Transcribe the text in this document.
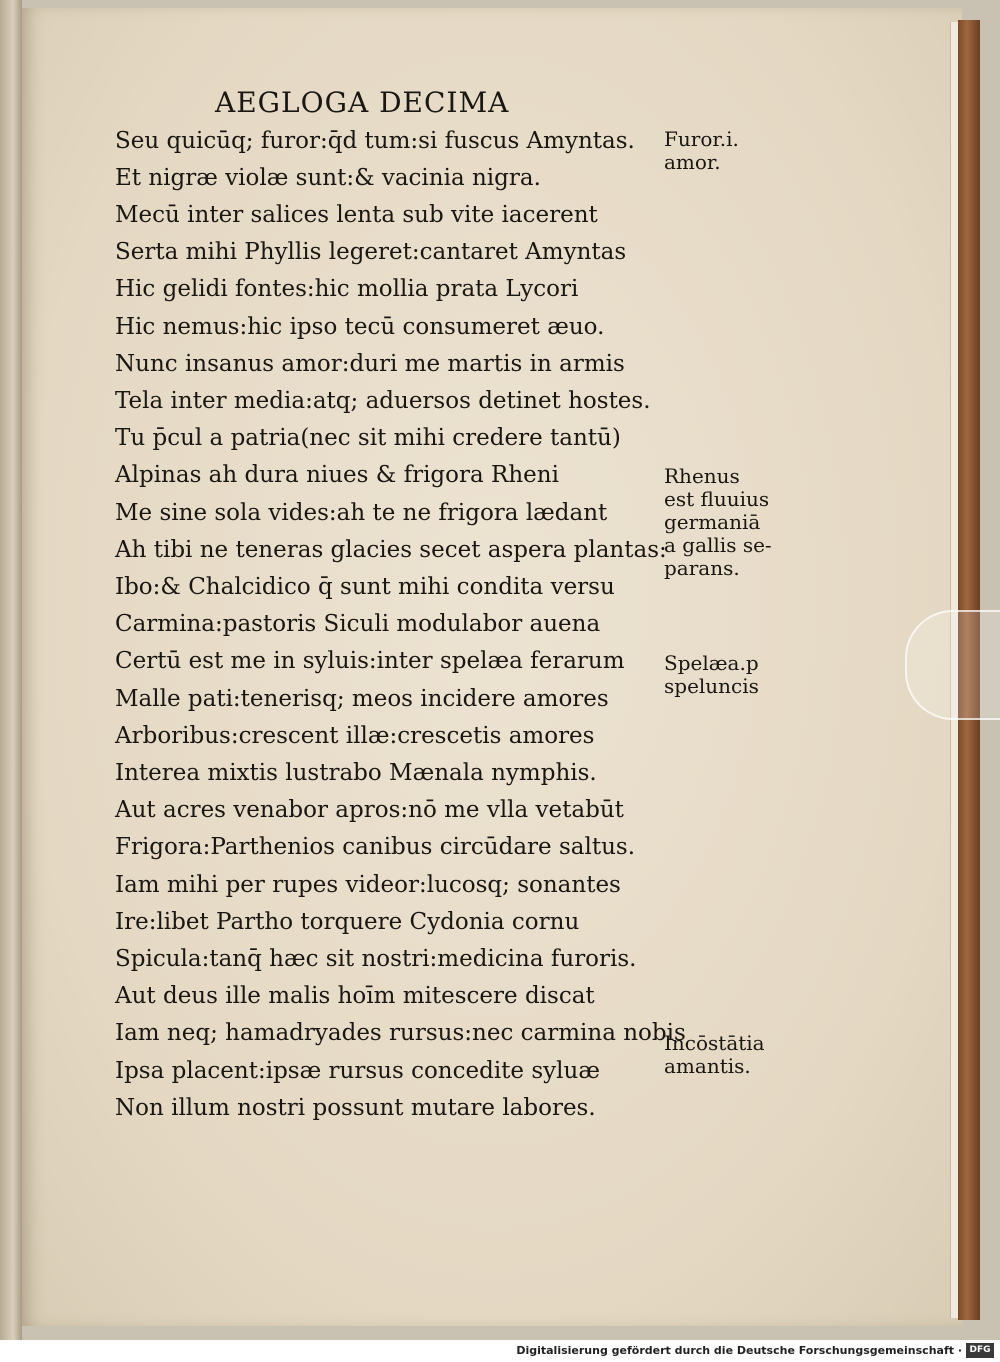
AEGLOGA DECIMA
Seu quicūq; furor:q̄d tum:si fuscus Amyntas.
Et nigræ violæ sunt:& vacinia nigra.
Mecū inter salices lenta sub vite iacerent
Serta mihi Phyllis legeret:cantaret Amyntas
Hic gelidi fontes:hic mollia prata Lycori
Hic nemus:hic ipso tecū consumeret æuo.
Nunc insanus amor:duri me martis in armis
Tela inter media:atq; aduersos detinet hostes.
Tu p̄cul a patria(nec sit mihi credere tantū)
Alpinas ah dura niues & frigora Rheni
Me sine sola vides:ah te ne frigora lædant
Ah tibi ne teneras glacies secet aspera plantas:
Ibo:& Chalcidico q̄ sunt mihi condita versu
Carmina:pastoris Siculi modulabor auena
Certū est me in syluis:inter spelæa ferarum
Malle pati:tenerisq; meos incidere amores
Arboribus:crescent illæ:crescetis amores
Interea mixtis lustrabo Mænala nymphis.
Aut acres venabor apros:nō me vlla vetabūt
Frigora:Parthenios canibus circūdare saltus.
Iam mihi per rupes videor:lucosq; sonantes
Ire:libet Partho torquere Cydonia cornu
Spicula:tanq̄ hæc sit nostri:medicina furoris.
Aut deus ille malis hoīm mitescere discat
Iam neq; hamadryades rursus:nec carmina nobis
Ipsa placent:ipsæ rursus concedite syluæ
Non illum nostri possunt mutare labores.
Furor.i.
amor.
Rhenus
est fluuius
germaniā
a gallis se-
parans.
Spelæa.p
speluncis
Incōstātia
amantis.
Digitalisierung gefördert durch die Deutsche Forschungsgemeinschaft · DFG
